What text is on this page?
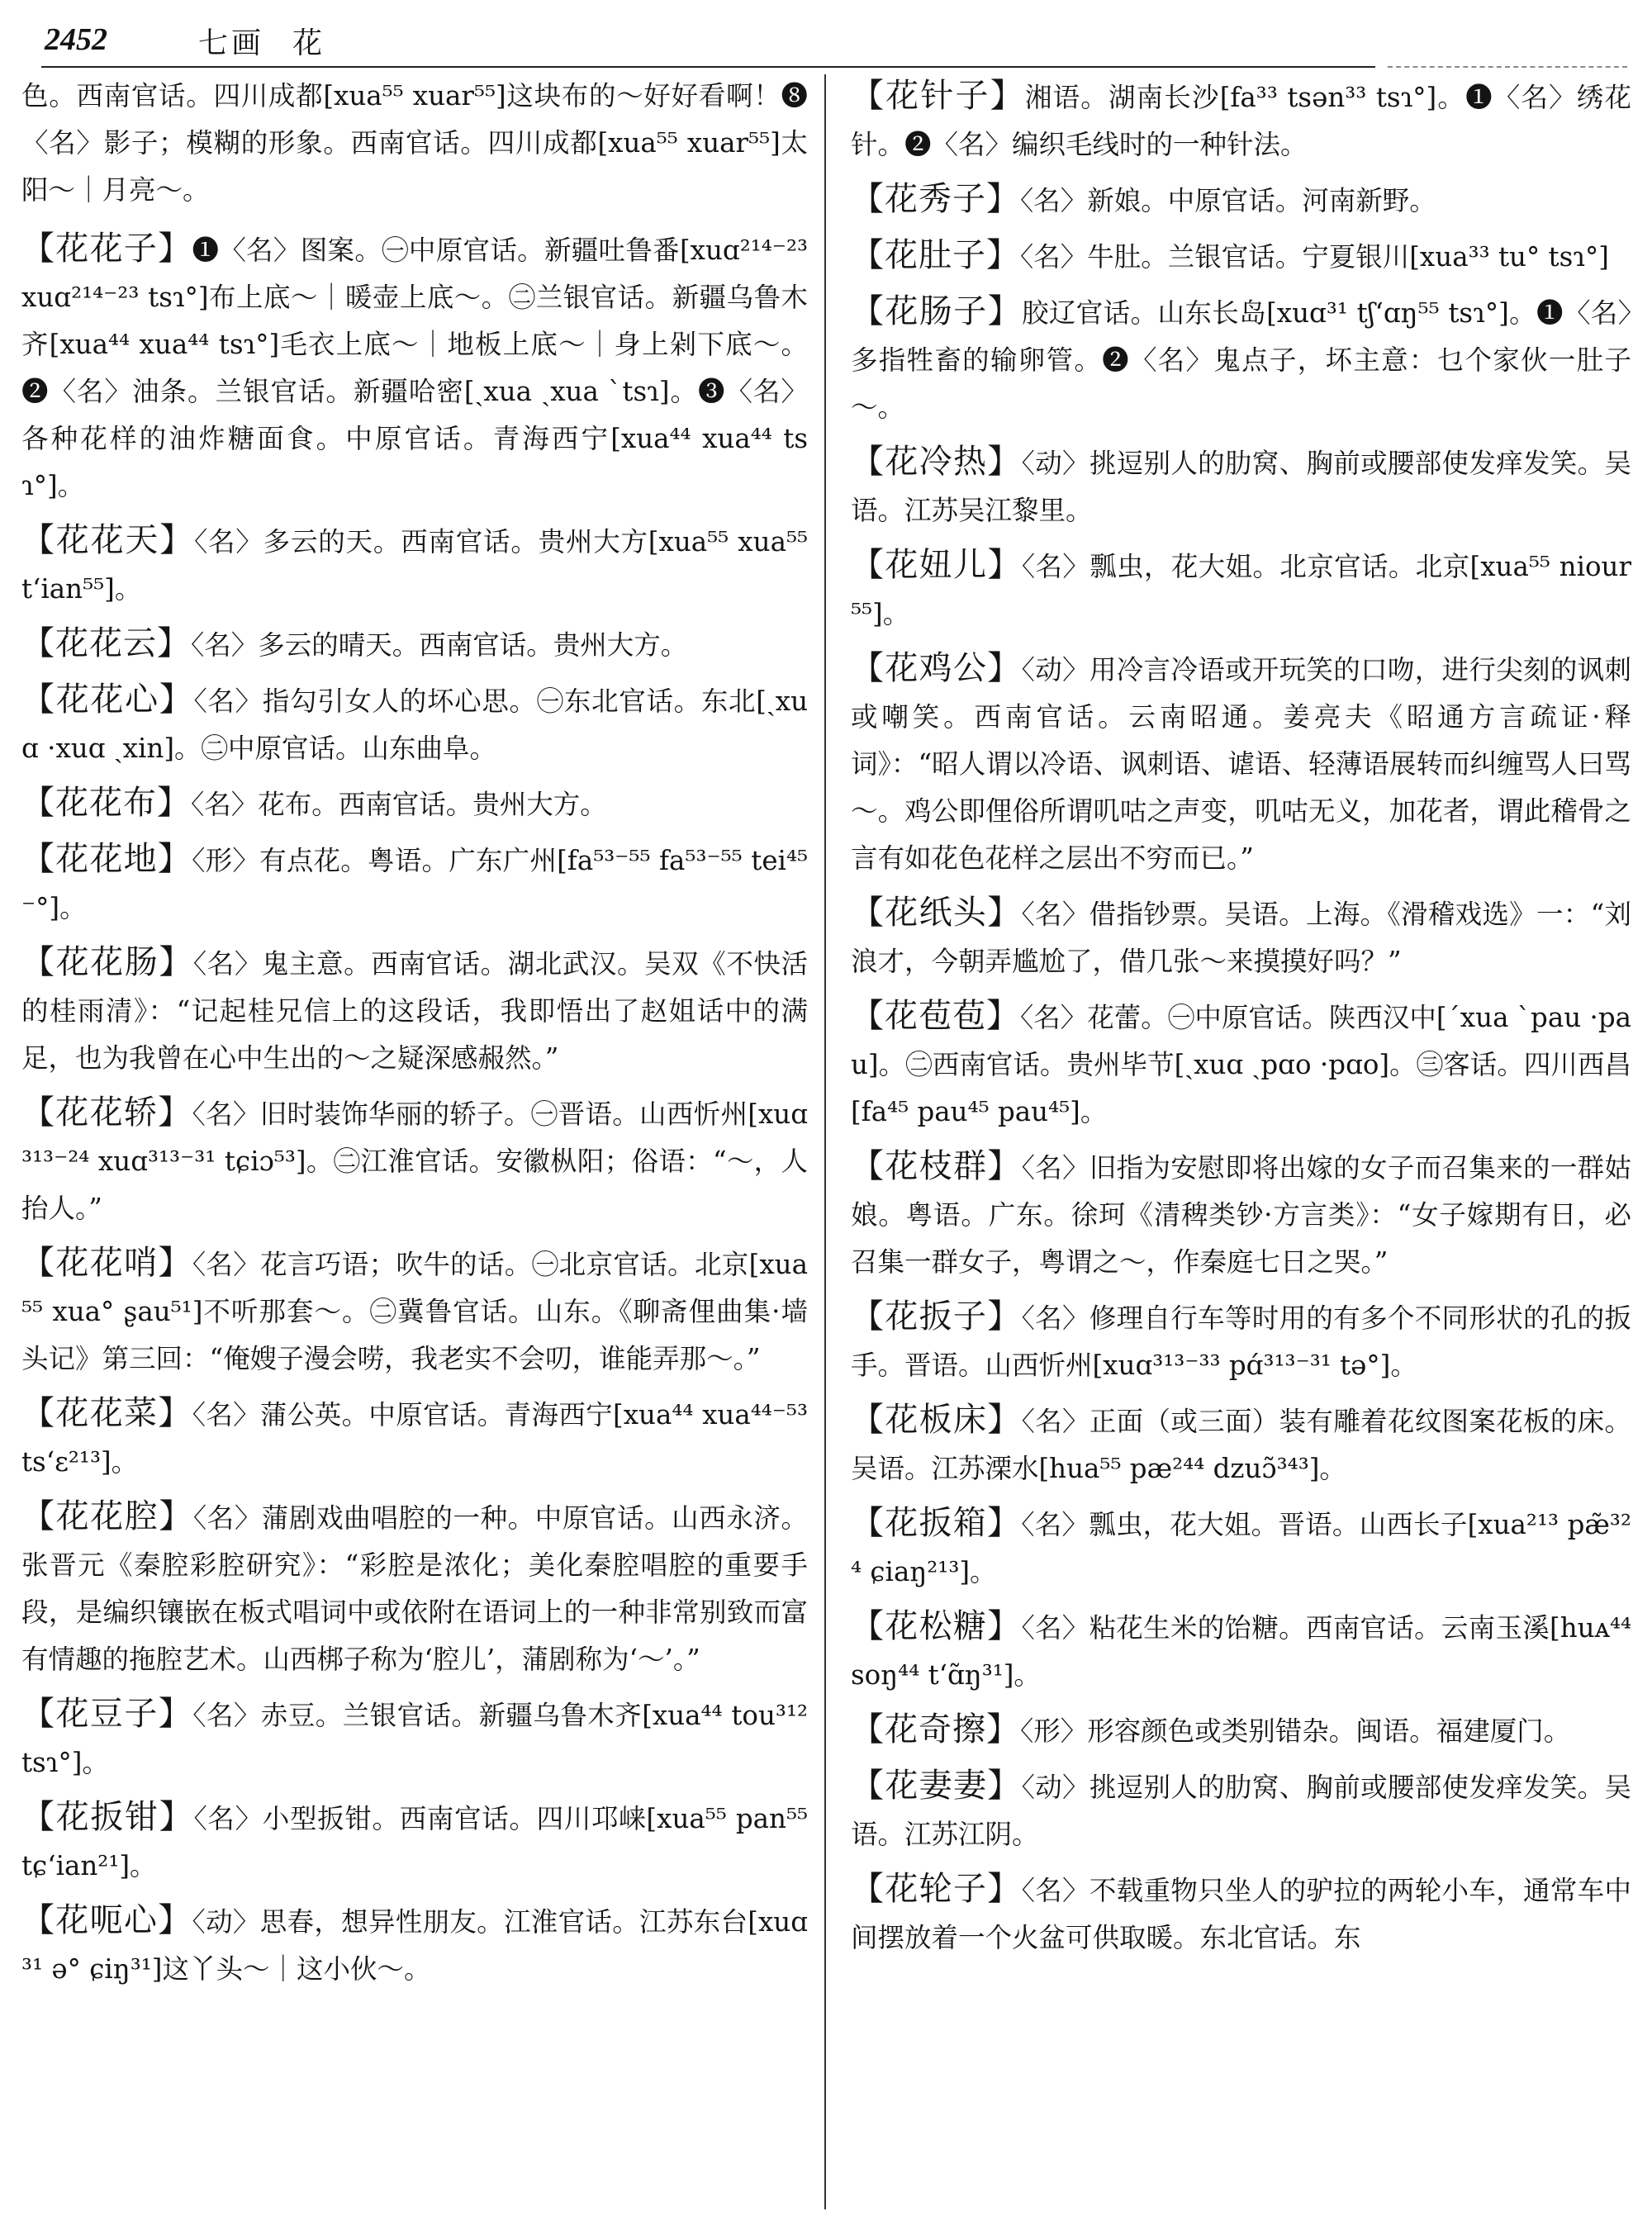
2452	七画 花
色。西南官话。四川成都[xua⁵⁵ xuar⁵⁵]这块布的～好好看啊！❽〈名〉影子；模糊的形象。西南官话。四川成都[xua⁵⁵ xuar⁵⁵]太阳～｜月亮～。
【花花子】❶〈名〉图案。㊀中原官话。新疆吐鲁番[xuɑ²¹⁴⁻²³ xuɑ²¹⁴⁻²³ tsɿ°]布上底～｜暖壶上底～。㊁兰银官话。新疆乌鲁木齐[xua⁴⁴ xua⁴⁴ tsɿ°]毛衣上底～｜地板上底～｜身上剁下底～。❷〈名〉油条。兰银官话。新疆哈密[ˏxua ˏxua ˋtsɿ]。❸〈名〉各种花样的油炸糖面食。中原官话。青海西宁[xua⁴⁴ xua⁴⁴ tsɿ°]。
【花花天】〈名〉多云的天。西南官话。贵州大方[xua⁵⁵ xua⁵⁵ tʻian⁵⁵]。
【花花云】〈名〉多云的晴天。西南官话。贵州大方。
【花花心】〈名〉指勾引女人的坏心思。㊀东北官话。东北[ˏxuɑ ·xuɑ ˏxin]。㊁中原官话。山东曲阜。
【花花布】〈名〉花布。西南官话。贵州大方。
【花花地】〈形〉有点花。粤语。广东广州[fa⁵³⁻⁵⁵ fa⁵³⁻⁵⁵ tei⁴⁵⁻°]。
【花花肠】〈名〉鬼主意。西南官话。湖北武汉。吴双《不快活的桂雨清》：“记起桂兄信上的这段话，我即悟出了赵姐话中的满足，也为我曾在心中生出的～之疑深感赧然。”
【花花轿】〈名〉旧时装饰华丽的轿子。㊀晋语。山西忻州[xuɑ³¹³⁻²⁴ xuɑ³¹³⁻³¹ tɕiɔ⁵³]。㊁江淮官话。安徽枞阳；俗语：“～，人抬人。”
【花花哨】〈名〉花言巧语；吹牛的话。㊀北京官话。北京[xua⁵⁵ xua° ʂau⁵¹]不听那套～。㊁冀鲁官话。山东。《聊斋俚曲集·墙头记》第三回：“俺嫂子漫会唠，我老实不会叨，谁能弄那～。”
【花花菜】〈名〉蒲公英。中原官话。青海西宁[xua⁴⁴ xua⁴⁴⁻⁵³ tsʻɛ²¹³]。
【花花腔】〈名〉蒲剧戏曲唱腔的一种。中原官话。山西永济。张晋元《秦腔彩腔研究》：“彩腔是浓化；美化秦腔唱腔的重要手段，是编织镶嵌在板式唱词中或依附在语词上的一种非常别致而富有情趣的拖腔艺术。山西梆子称为‘腔儿’，蒲剧称为‘～’。”
【花豆子】〈名〉赤豆。兰银官话。新疆乌鲁木齐[xua⁴⁴ tou³¹² tsɿ°]。
【花扳钳】〈名〉小型扳钳。西南官话。四川邛崃[xua⁵⁵ pan⁵⁵ tɕʻian²¹]。
【花呃心】〈动〉思春，想异性朋友。江淮官话。江苏东台[xuɑ³¹ ə° ɕiŋ³¹]这丫头～｜这小伙～。
【花针子】湘语。湖南长沙[fa³³ tsən³³ tsɿ°]。❶〈名〉绣花针。❷〈名〉编织毛线时的一种针法。
【花秀子】〈名〉新娘。中原官话。河南新野。
【花肚子】〈名〉牛肚。兰银官话。宁夏银川[xua³³ tu° tsɿ°]
【花肠子】胶辽官话。山东长岛[xuɑ³¹ tʃʻɑŋ⁵⁵ tsɿ°]。❶〈名〉多指牲畜的输卵管。❷〈名〉鬼点子，坏主意：乜个家伙一肚子～。
【花冷热】〈动〉挑逗别人的肋窝、胸前或腰部使发痒发笑。吴语。江苏吴江黎里。
【花妞儿】〈名〉瓢虫，花大姐。北京官话。北京[xua⁵⁵ niour⁵⁵]。
【花鸡公】〈动〉用冷言冷语或开玩笑的口吻，进行尖刻的讽刺或嘲笑。西南官话。云南昭通。姜亮夫《昭通方言疏证·释词》：“昭人谓以冷语、讽刺语、谑语、轻薄语展转而纠缠骂人曰骂～。鸡公即俚俗所谓叽咕之声变，叽咕无义，加花者，谓此稽骨之言有如花色花样之层出不穷而已。”
【花纸头】〈名〉借指钞票。吴语。上海。《滑稽戏选》一：“刘浪才，今朝弄尴尬了，借几张～来摸摸好吗？”
【花苞苞】〈名〉花蕾。㊀中原官话。陕西汉中[ˊxua ˋpau ·pau]。㊁西南官话。贵州毕节[ˏxuɑ ˏpɑo ·pɑo]。㊂客话。四川西昌[fa⁴⁵ pau⁴⁵ pau⁴⁵]。
【花枝群】〈名〉旧指为安慰即将出嫁的女子而召集来的一群姑娘。粤语。广东。徐珂《清稗类钞·方言类》：“女子嫁期有日，必召集一群女子，粤谓之～，作秦庭七日之哭。”
【花扳子】〈名〉修理自行车等时用的有多个不同形状的孔的扳手。晋语。山西忻州[xuɑ³¹³⁻³³ pɑ́³¹³⁻³¹ tə°]。
【花板床】〈名〉正面（或三面）装有雕着花纹图案花板的床。吴语。江苏溧水[hua⁵⁵ pæ²⁴⁴ dzuɔ̃³⁴³]。
【花扳箱】〈名〉瓢虫，花大姐。晋语。山西长子[xua²¹³ pæ̃³²⁴ ɕiaŋ²¹³]。
【花松糖】〈名〉粘花生米的饴糖。西南官话。云南玉溪[huᴀ⁴⁴ soŋ⁴⁴ tʻɑ̃ŋ³¹]。
【花奇擦】〈形〉形容颜色或类别错杂。闽语。福建厦门。
【花妻妻】〈动〉挑逗别人的肋窝、胸前或腰部使发痒发笑。吴语。江苏江阴。
【花轮子】〈名〉不载重物只坐人的驴拉的两轮小车，通常车中间摆放着一个火盆可供取暖。东北官话。东
